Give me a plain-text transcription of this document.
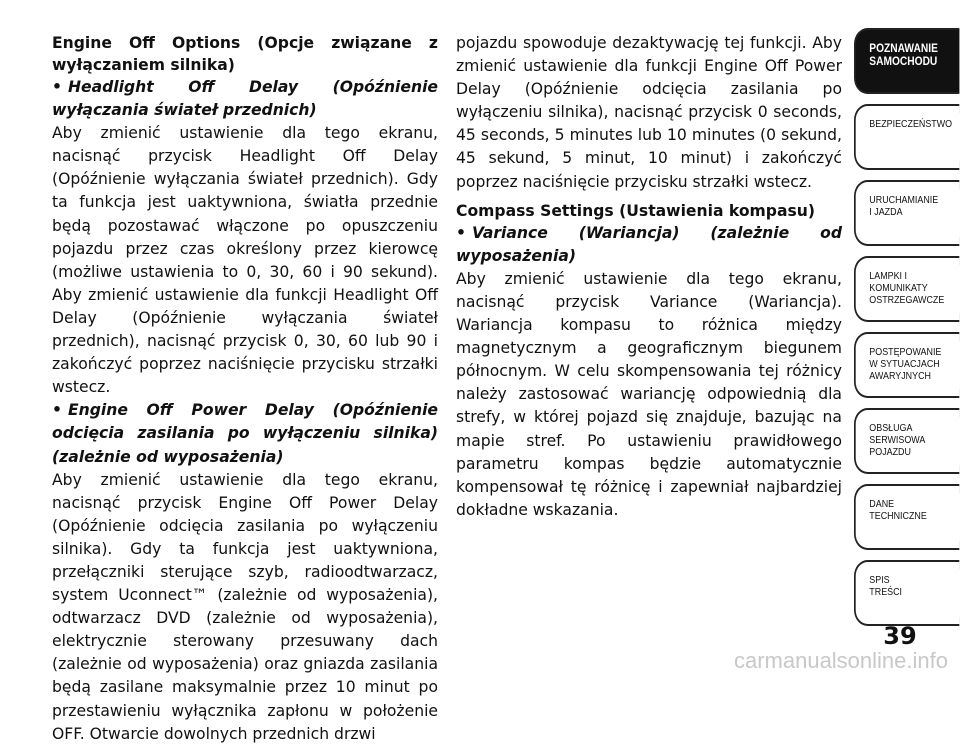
Engine Off Options (Opcje związane z wyłączaniem silnika)

• Headlight Off Delay (Opóźnienie wyłączania świateł przednich)

Aby zmienić ustawienie dla tego ekranu, nacisnąć przycisk Headlight Off Delay (Opóźnienie wyłączania świateł przednich). Gdy ta funkcja jest uaktywniona, światła przednie będą pozostawać włączone po opuszczeniu pojazdu przez czas określony przez kierowcę (możliwe ustawienia to 0, 30, 60 i 90 sekund). Aby zmienić ustawienie dla funkcji Headlight Off Delay (Opóźnienie wyłączania świateł przednich), nacisnąć przycisk 0, 30, 60 lub 90 i zakończyć poprzez naciśnięcie przycisku strzałki wstecz.

• Engine Off Power Delay (Opóźnienie odcięcia zasilania po wyłączeniu silnika) (zależnie od wyposażenia)

Aby zmienić ustawienie dla tego ekranu, nacisnąć przycisk Engine Off Power Delay (Opóźnienie odcięcia zasilania po wyłączeniu silnika). Gdy ta funkcja jest uaktywniona, przełączniki sterujące szyb, radioodtwarzacz, system Uconnect™ (zależnie od wyposażenia), odtwarzacz DVD (zależnie od wyposażenia), elektrycznie sterowany przesuwany dach (zależnie od wyposażenia) oraz gniazda zasilania będą zasilane maksymalnie przez 10 minut po przestawieniu wyłącznika zapłonu w położenie OFF. Otwarcie dowolnych przednich drzwi

pojazdu spowoduje dezaktywację tej funkcji. Aby zmienić ustawienie dla funkcji Engine Off Power Delay (Opóźnienie odcięcia zasilania po wyłączeniu silnika), nacisnąć przycisk 0 seconds, 45 seconds, 5 minutes lub 10 minutes (0 sekund, 45 sekund, 5 minut, 10 minut) i zakończyć poprzez naciśnięcie przycisku strzałki wstecz.

Compass Settings (Ustawienia kompasu)

• Variance (Wariancja) (zależnie od wyposażenia)

Aby zmienić ustawienie dla tego ekranu, nacisnąć przycisk Variance (Wariancja). Wariancja kompasu to różnica między magnetycznym a geograficznym biegunem północnym. W celu skompensowania tej różnicy należy zastosować wariancję odpowiednią dla strefy, w której pojazd się znajduje, bazując na mapie stref. Po ustawieniu prawidłowego parametru kompas będzie automatycznie kompensował tę różnicę i zapewniał najbardziej dokładne wskazania.

POZNAWANIE
SAMOCHODU
BEZPIECZEŃSTWO
URUCHAMIANIE
I JAZDA
LAMPKI I
KOMUNIKATY
OSTRZEGAWCZE
POSTĘPOWANIE
W SYTUACJACH
AWARYJNYCH
OBSŁUGA
SERWISOWA
POJAZDU
DANE
TECHNICZNE
SPIS
TREŚCI
39
carmanualsonline.info
